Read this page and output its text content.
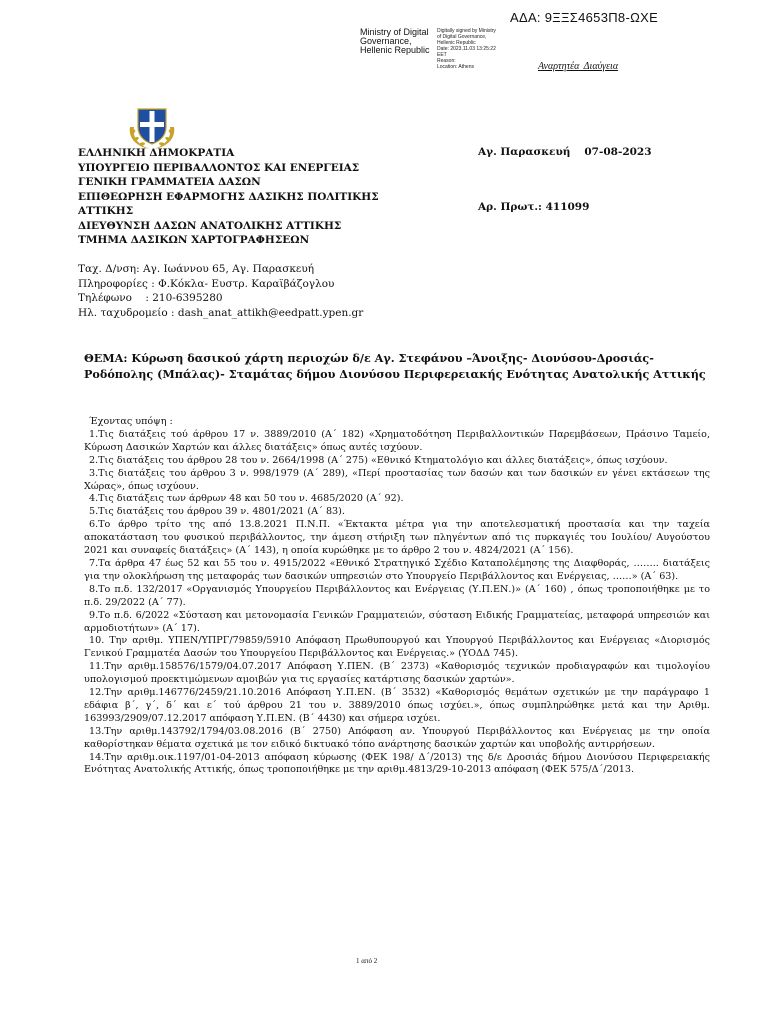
ΑΔΑ: 9ΞΞΣ4653Π8-ΩΧΕ
Ministry of Digital
Governance,
Hellenic Republic
Digitally signed by Ministry
of Digital Governance,
Hellenic Republic
Date: 2023.11.03 13:25:22
EET
Reason:
Location: Athens	Αναρτητέα Διαύγεια
ΕΛΛΗΝΙΚΗ ΔΗΜΟΚΡΑΤΙΑ
ΥΠΟΥΡΓΕΙΟ ΠΕΡΙΒΑΛΛΟΝΤΟΣ ΚΑΙ ΕΝΕΡΓΕΙΑΣ
ΓΕΝΙΚΗ ΓΡΑΜΜΑΤΕΙΑ ΔΑΣΩΝ
ΕΠΙΘΕΩΡΗΣΗ ΕΦΑΡΜΟΓΗΣ ΔΑΣΙΚΗΣ ΠΟΛΙΤΙΚΗΣ ΑΤΤΙΚΗΣ
ΔΙΕΥΘΥΝΣΗ ΔΑΣΩΝ ΑΝΑΤΟΛΙΚΗΣ ΑΤΤΙΚΗΣ
ΤΜΗΜΑ ΔΑΣΙΚΩΝ ΧΑΡΤΟΓΡΑΦΗΣΕΩΝ
Αγ. Παρασκευή 07-08-2023
Αρ. Πρωτ.: 411099
Ταχ. Δ/νση: Αγ. Ιωάννου 65, Αγ. Παρασκευή
Πληροφορίες : Φ.Κόκλα- Ευστρ. Καραϊβάζογλου
Τηλέφωνο    : 210-6395280
Ηλ. ταχυδρομείο : dash_anat_attikh@eedpatt.ypen.gr
ΘΕΜΑ: Κύρωση δασικού χάρτη περιοχών δ/ε Αγ. Στεφάνου –Άνοιξης- Διονύσου-Δροσιάς-Ροδόπολης (Μπάλας)- Σταμάτας δήμου Διονύσου Περιφερειακής Ενότητας Ανατολικής Αττικής

Έχοντας υπόψη :

1.Τις διατάξεις τού άρθρου 17 ν. 3889/2010 (Α΄ 182) «Χρηματοδότηση Περιβαλλοντικών Παρεμβάσεων, Πράσινο Ταμείο, Κύρωση Δασικών Χαρτών και άλλες διατάξεις» όπως αυτές ισχύουν.

2.Τις διατάξεις του άρθρου 28 του ν. 2664/1998 (Α΄ 275) «Εθνικό Κτηματολόγιο και άλλες διατάξεις», όπως ισχύουν.

3.Τις διατάξεις του άρθρου 3 ν. 998/1979 (Α΄ 289), «Περί προστασίας των δασών και των δασικών εν γένει εκτάσεων της Χώρας», όπως ισχύουν.

4.Τις διατάξεις των άρθρων 48 και 50 του ν. 4685/2020 (Α΄ 92).

5.Τις διατάξεις του άρθρου 39 ν. 4801/2021 (Α΄ 83).

6.Το άρθρο τρίτο της από 13.8.2021 Π.Ν.Π. «Έκτακτα μέτρα για την αποτελεσματική προστασία και την ταχεία αποκατάσταση του φυσικού περιβάλλοντος, την άμεση στήριξη των πληγέντων από τις πυρκαγιές του Ιουλίου/ Αυγούστου 2021 και συναφείς διατάξεις» (Α΄ 143), η οποία κυρώθηκε με το άρθρο 2 του ν. 4824/2021 (Α΄ 156).

7.Τα άρθρα 47 έως 52 και 55 του ν. 4915/2022 «Εθνικό Στρατηγικό Σχέδιο Καταπολέμησης της Διαφθοράς, …….. διατάξεις για την ολοκλήρωση της μεταφοράς των δασικών υπηρεσιών στο Υπουργείο Περιβάλλοντος και Ενέργειας, ……» (Α΄ 63).

8.Το π.δ. 132/2017 «Οργανισμός Υπουργείου Περιβάλλοντος και Ενέργειας (Υ.Π.ΕΝ.)» (Α΄ 160) , όπως τροποποιήθηκε με το π.δ. 29/2022 (Α΄ 77).

9.Το π.δ. 6/2022 «Σύσταση και μετονομασία Γενικών Γραμματειών, σύσταση Ειδικής Γραμματείας, μεταφορά υπηρεσιών και αρμοδιοτήτων» (Α΄ 17).

10. Την αριθμ. ΥΠΕΝ/ΥΠΡΓ/79859/5910 Απόφαση Πρωθυπουργού και Υπουργού Περιβάλλοντος και Ενέργειας «Διορισμός Γενικού Γραμματέα Δασών του Υπουργείου Περιβάλλοντος και Ενέργειας.» (ΥΟΔΔ 745).

11.Την αριθμ.158576/1579/04.07.2017 Απόφαση Υ.ΠΕΝ. (Β΄ 2373) «Καθορισμός τεχνικών προδιαγραφών και τιμολογίου υπολογισμού προεκτιμώμενων αμοιβών για τις εργασίες κατάρτισης δασικών χαρτών».

12.Την αριθμ.146776/2459/21.10.2016 Απόφαση Υ.Π.ΕΝ. (Β΄ 3532) «Καθορισμός θεμάτων σχετικών με την παράγραφο 1 εδάφια β΄, γ΄, δ΄ και ε΄ τού άρθρου 21 του ν. 3889/2010 όπως ισχύει.», όπως συμπληρώθηκε μετά και την Αριθμ. 163993/2909/07.12.2017 απόφαση Υ.Π.ΕΝ. (Β΄ 4430) και σήμερα ισχύει.

13.Την αριθμ.143792/1794/03.08.2016 (Β΄ 2750) Απόφαση αν. Υπουργού Περιβάλλοντος και Ενέργειας με την οποία καθορίστηκαν θέματα σχετικά με τον ειδικό δικτυακό τόπο ανάρτησης δασικών χαρτών και υποβολής αντιρρήσεων.

14.Την αριθμ.οικ.1197/01-04-2013 απόφαση κύρωσης (ΦΕΚ 198/ Δ΄/2013) της δ/ε Δροσιάς δήμου Διονύσου Περιφερειακής Ενότητας Ανατολικής Αττικής, όπως τροποποιήθηκε με την αριθμ.4813/29-10-2013 απόφαση (ΦΕΚ 575/Δ΄/2013.

1 από 2
